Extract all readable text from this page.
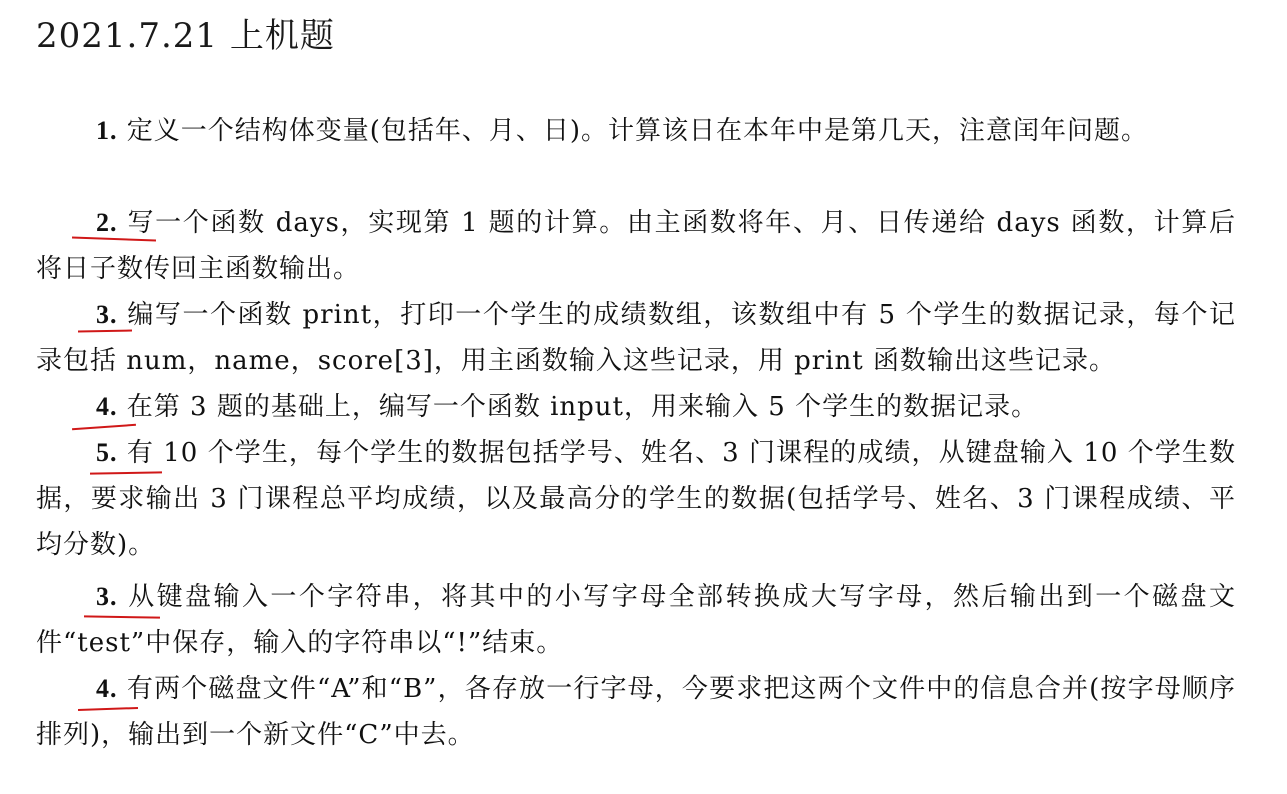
2021.7.21 上机题
1. 定义一个结构体变量(包括年、月、日)。计算该日在本年中是第几天，注意闰年问题。
2. 写一个函数 days，实现第 1 题的计算。由主函数将年、月、日传递给 days 函数，计算后将日子数传回主函数输出。
3. 编写一个函数 print，打印一个学生的成绩数组，该数组中有 5 个学生的数据记录，每个记录包括 num，name，score[3]，用主函数输入这些记录，用 print 函数输出这些记录。
4. 在第 3 题的基础上，编写一个函数 input，用来输入 5 个学生的数据记录。
5. 有 10 个学生，每个学生的数据包括学号、姓名、3 门课程的成绩，从键盘输入 10 个学生数据，要求输出 3 门课程总平均成绩，以及最高分的学生的数据(包括学号、姓名、3 门课程成绩、平均分数)。
3. 从键盘输入一个字符串，将其中的小写字母全部转换成大写字母，然后输出到一个磁盘文件“test”中保存，输入的字符串以“!”结束。
4. 有两个磁盘文件“A”和“B”，各存放一行字母，今要求把这两个文件中的信息合并(按字母顺序排列)，输出到一个新文件“C”中去。
